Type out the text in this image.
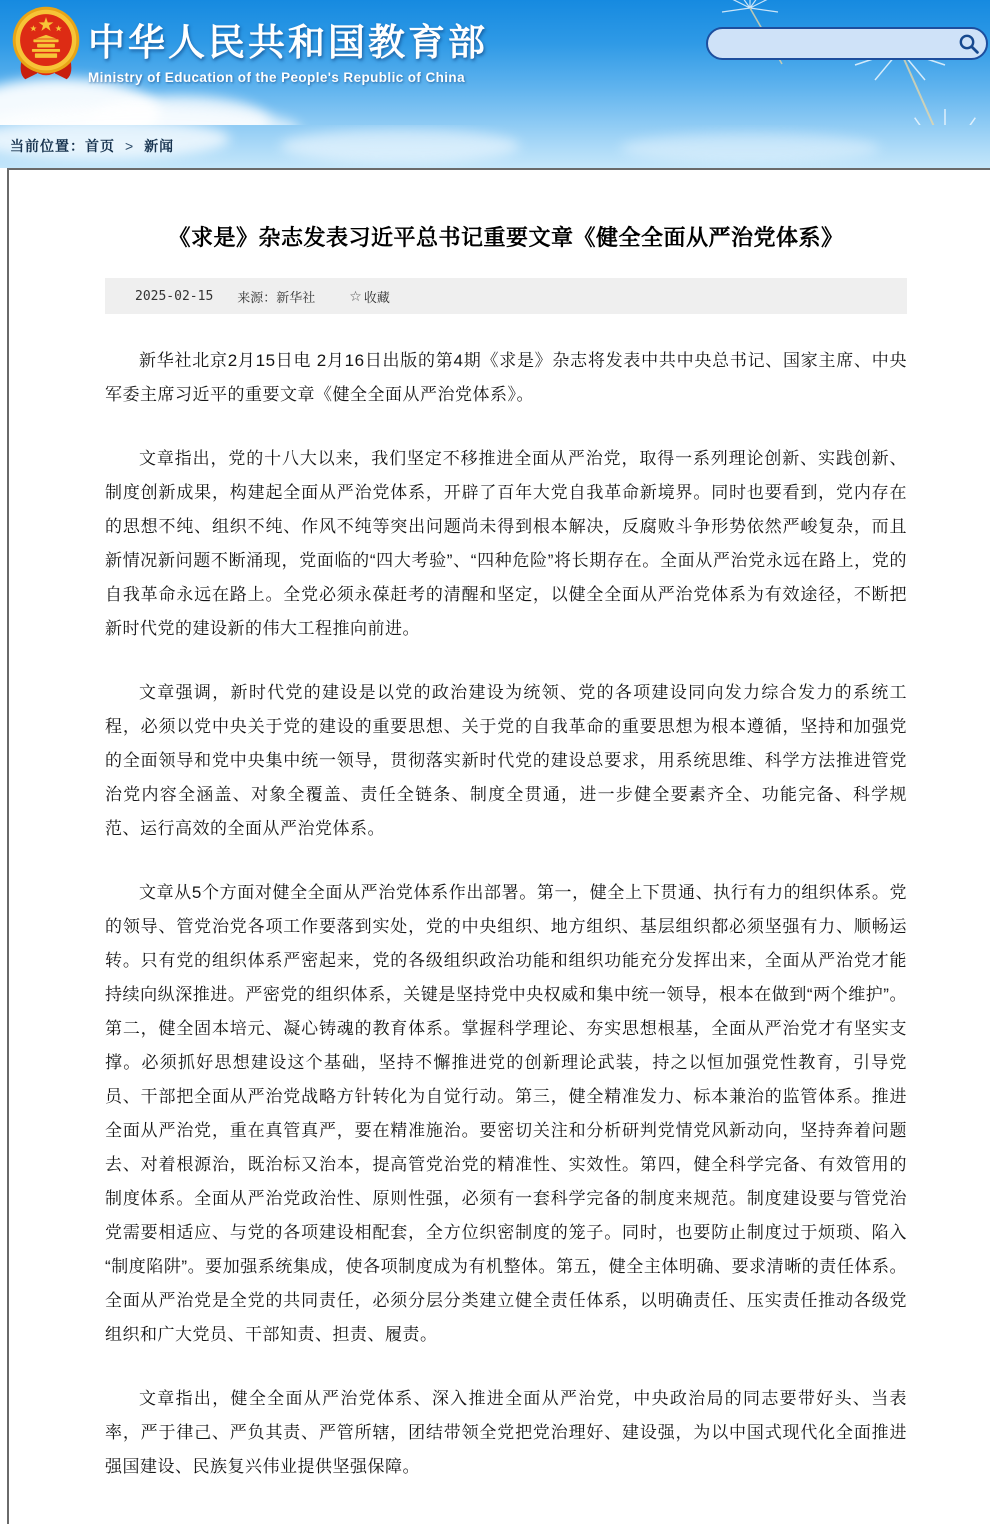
中华人民共和国教育部
Ministry of Education of the People's Republic of China
当前位置：首页 > 新闻
《求是》杂志发表习近平总书记重要文章《健全全面从严治党体系》
2025-02-15 来源：新华社 ☆ 收藏

新华社北京2月15日电 2月16日出版的第4期《求是》杂志将发表中共中央总书记、国家主席、中央军委主席习近平的重要文章《健全全面从严治党体系》。

文章指出，党的十八大以来，我们坚定不移推进全面从严治党，取得一系列理论创新、实践创新、制度创新成果，构建起全面从严治党体系，开辟了百年大党自我革命新境界。同时也要看到，党内存在的思想不纯、组织不纯、作风不纯等突出问题尚未得到根本解决，反腐败斗争形势依然严峻复杂，而且新情况新问题不断涌现，党面临的“四大考验”、“四种危险”将长期存在。全面从严治党永远在路上，党的自我革命永远在路上。全党必须永葆赶考的清醒和坚定，以健全全面从严治党体系为有效途径，不断把新时代党的建设新的伟大工程推向前进。

文章强调，新时代党的建设是以党的政治建设为统领、党的各项建设同向发力综合发力的系统工程，必须以党中央关于党的建设的重要思想、关于党的自我革命的重要思想为根本遵循，坚持和加强党的全面领导和党中央集中统一领导，贯彻落实新时代党的建设总要求，用系统思维、科学方法推进管党治党内容全涵盖、对象全覆盖、责任全链条、制度全贯通，进一步健全要素齐全、功能完备、科学规范、运行高效的全面从严治党体系。

文章从5个方面对健全全面从严治党体系作出部署。第一，健全上下贯通、执行有力的组织体系。党的领导、管党治党各项工作要落到实处，党的中央组织、地方组织、基层组织都必须坚强有力、顺畅运转。只有党的组织体系严密起来，党的各级组织政治功能和组织功能充分发挥出来，全面从严治党才能持续向纵深推进。严密党的组织体系，关键是坚持党中央权威和集中统一领导，根本在做到“两个维护”。第二，健全固本培元、凝心铸魂的教育体系。掌握科学理论、夯实思想根基，全面从严治党才有坚实支撑。必须抓好思想建设这个基础，坚持不懈推进党的创新理论武装，持之以恒加强党性教育，引导党员、干部把全面从严治党战略方针转化为自觉行动。第三，健全精准发力、标本兼治的监管体系。推进全面从严治党，重在真管真严，要在精准施治。要密切关注和分析研判党情党风新动向，坚持奔着问题去、对着根源治，既治标又治本，提高管党治党的精准性、实效性。第四，健全科学完备、有效管用的制度体系。全面从严治党政治性、原则性强，必须有一套科学完备的制度来规范。制度建设要与管党治党需要相适应、与党的各项建设相配套，全方位织密制度的笼子。同时，也要防止制度过于烦琐、陷入“制度陷阱”。要加强系统集成，使各项制度成为有机整体。第五，健全主体明确、要求清晰的责任体系。全面从严治党是全党的共同责任，必须分层分类建立健全责任体系，以明确责任、压实责任推动各级党组织和广大党员、干部知责、担责、履责。

文章指出，健全全面从严治党体系、深入推进全面从严治党，中央政治局的同志要带好头、当表率，严于律己、严负其责、严管所辖，团结带领全党把党治理好、建设强，为以中国式现代化全面推进强国建设、民族复兴伟业提供坚强保障。
